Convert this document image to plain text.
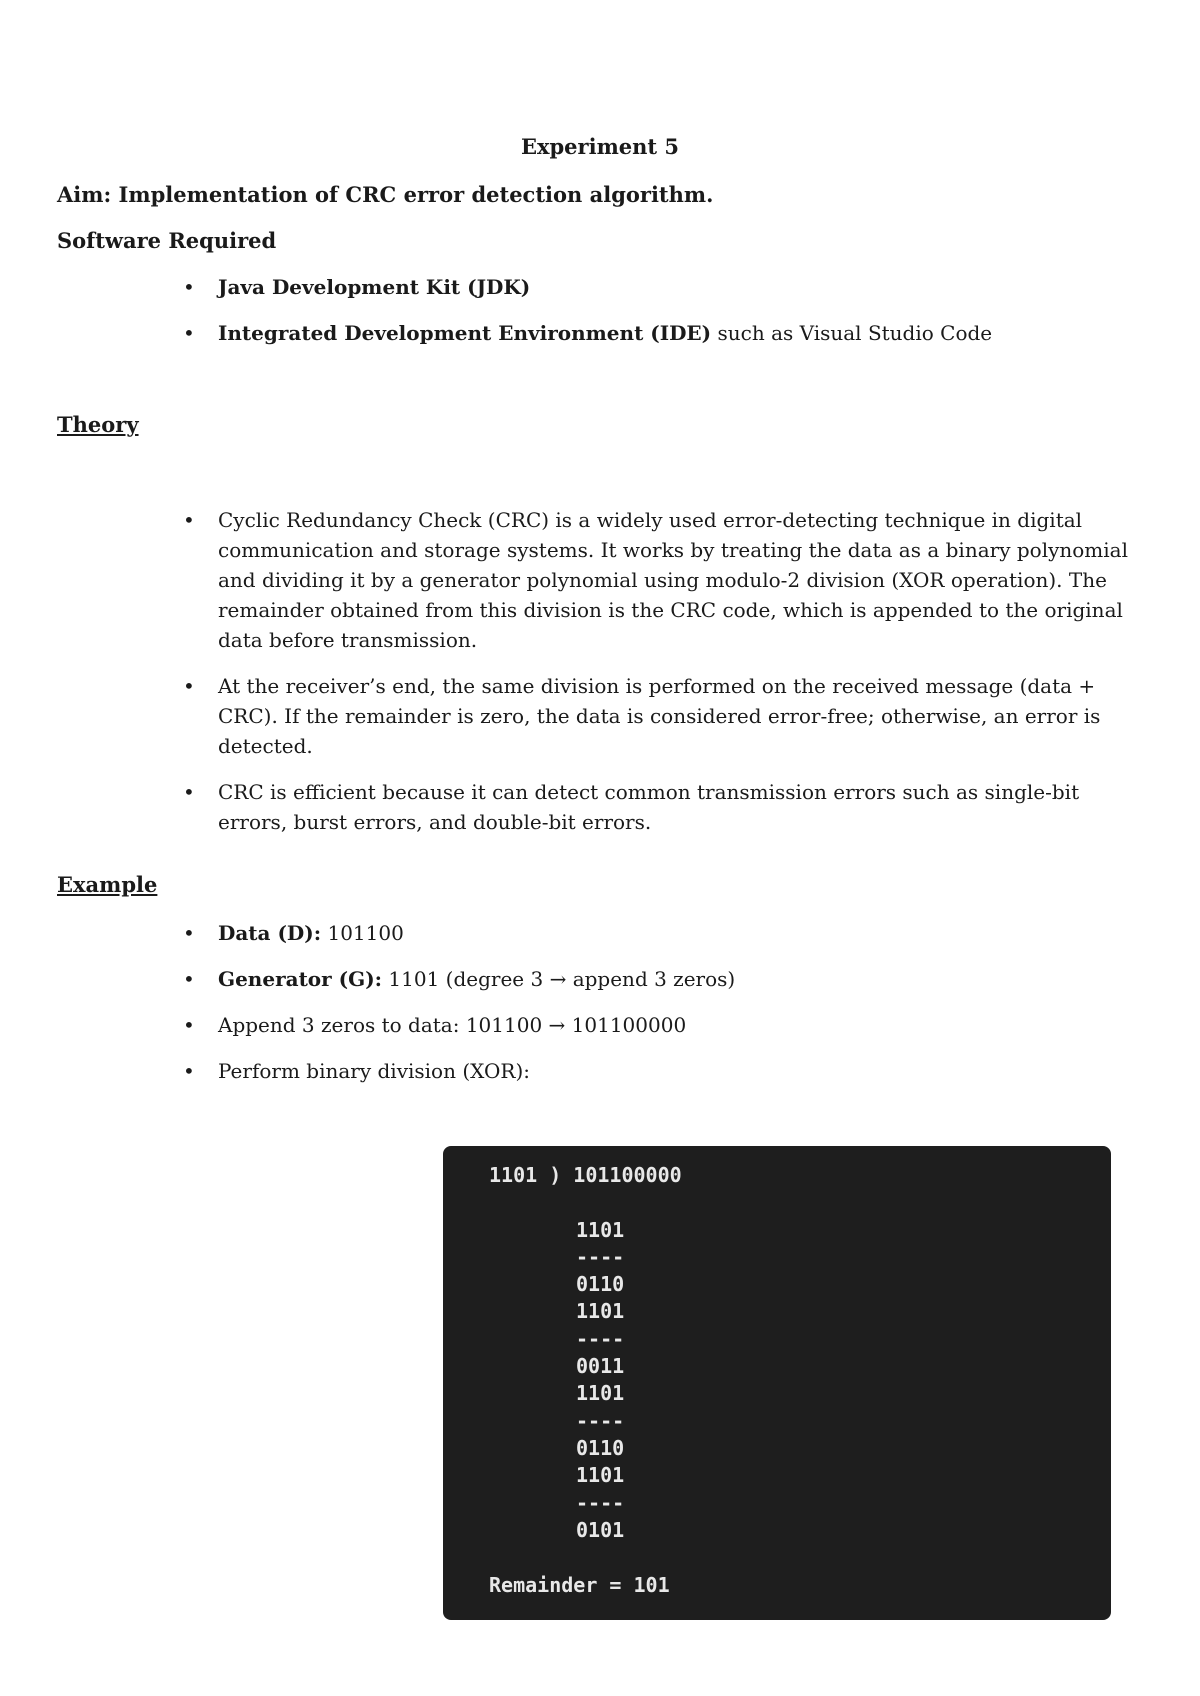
Experiment 5
Aim: Implementation of CRC error detection algorithm.
Software Required
• Java Development Kit (JDK)
• Integrated Development Environment (IDE) such as Visual Studio Code
Theory
• Cyclic Redundancy Check (CRC) is a widely used error-detecting technique in digital communication and storage systems. It works by treating the data as a binary polynomial and dividing it by a generator polynomial using modulo-2 division (XOR operation). The remainder obtained from this division is the CRC code, which is appended to the original data before transmission.
• At the receiver’s end, the same division is performed on the received message (data + CRC). If the remainder is zero, the data is considered error-free; otherwise, an error is detected.
• CRC is efficient because it can detect common transmission errors such as single-bit errors, burst errors, and double-bit errors.
Example
• Data (D): 101100
• Generator (G): 1101 (degree 3 → append 3 zeros)
• Append 3 zeros to data: 101100 → 101100000
• Perform binary division (XOR):
1101 ) 101100000
1101
----
0110
1101
----
0011
1101
----
0110
1101
----
0101
Remainder = 101
